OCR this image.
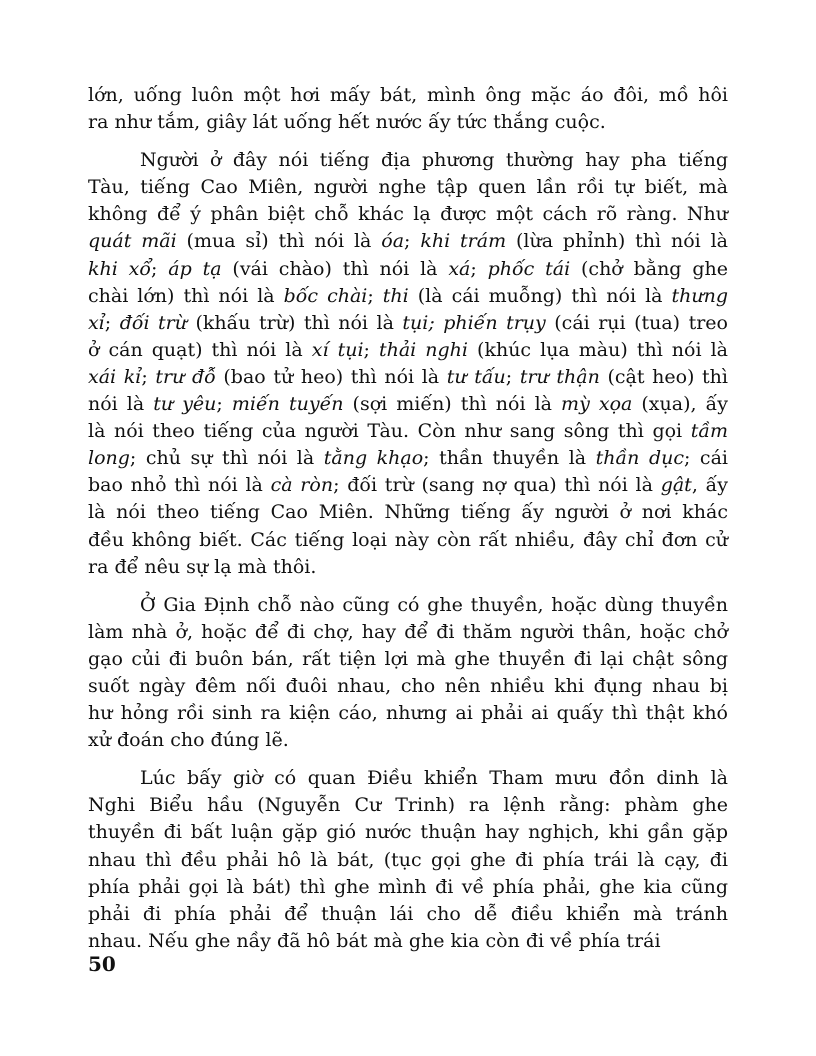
lớn, uống luôn một hơi mấy bát, mình ông mặc áo đôi, mồ hôi
ra như tắm, giây lát uống hết nước ấy tức thắng cuộc.

Người ở đây nói tiếng địa phương thường hay pha tiếng
Tàu, tiếng Cao Miên, người nghe tập quen lần rồi tự biết, mà
không để ý phân biệt chỗ khác lạ được một cách rõ ràng. Như
quát mãi (mua sỉ) thì nói là óa; khi trám (lừa phỉnh) thì nói là
khi xổ; áp tạ (vái chào) thì nói là xá; phốc tái (chở bằng ghe
chài lớn) thì nói là bốc chài; thi (là cái muỗng) thì nói là thưng
xỉ; đối trừ (khấu trừ) thì nói là tụi; phiến trụy (cái rụi (tua) treo
ở cán quạt) thì nói là xí tụi; thải nghi (khúc lụa màu) thì nói là
xái kỉ; trư đỗ (bao tử heo) thì nói là tư tấu; trư thận (cật heo) thì
nói là tư yêu; miến tuyến (sợi miến) thì nói là mỳ xọa (xụa), ấy
là nói theo tiếng của người Tàu. Còn như sang sông thì gọi tầm
long; chủ sự thì nói là tằng khạo; thần thuyền là thần dục; cái
bao nhỏ thì nói là cà ròn; đối trừ (sang nợ qua) thì nói là gật, ấy
là nói theo tiếng Cao Miên. Những tiếng ấy người ở nơi khác
đều không biết. Các tiếng loại này còn rất nhiều, đây chỉ đơn cử
ra để nêu sự lạ mà thôi.

Ở Gia Định chỗ nào cũng có ghe thuyền, hoặc dùng thuyền
làm nhà ở, hoặc để đi chợ, hay để đi thăm người thân, hoặc chở
gạo củi đi buôn bán, rất tiện lợi mà ghe thuyền đi lại chật sông
suốt ngày đêm nối đuôi nhau, cho nên nhiều khi đụng nhau bị
hư hỏng rồi sinh ra kiện cáo, nhưng ai phải ai quấy thì thật khó
xử đoán cho đúng lẽ.

Lúc bấy giờ có quan Điều khiển Tham mưu đồn dinh là
Nghi Biểu hầu (Nguyễn Cư Trinh) ra lệnh rằng: phàm ghe
thuyền đi bất luận gặp gió nước thuận hay nghịch, khi gần gặp
nhau thì đều phải hô là bát, (tục gọi ghe đi phía trái là cạy, đi
phía phải gọi là bát) thì ghe mình đi về phía phải, ghe kia cũng
phải đi phía phải để thuận lái cho dễ điều khiển mà tránh
nhau. Nếu ghe nầy đã hô bát mà ghe kia còn đi về phía trái

50
